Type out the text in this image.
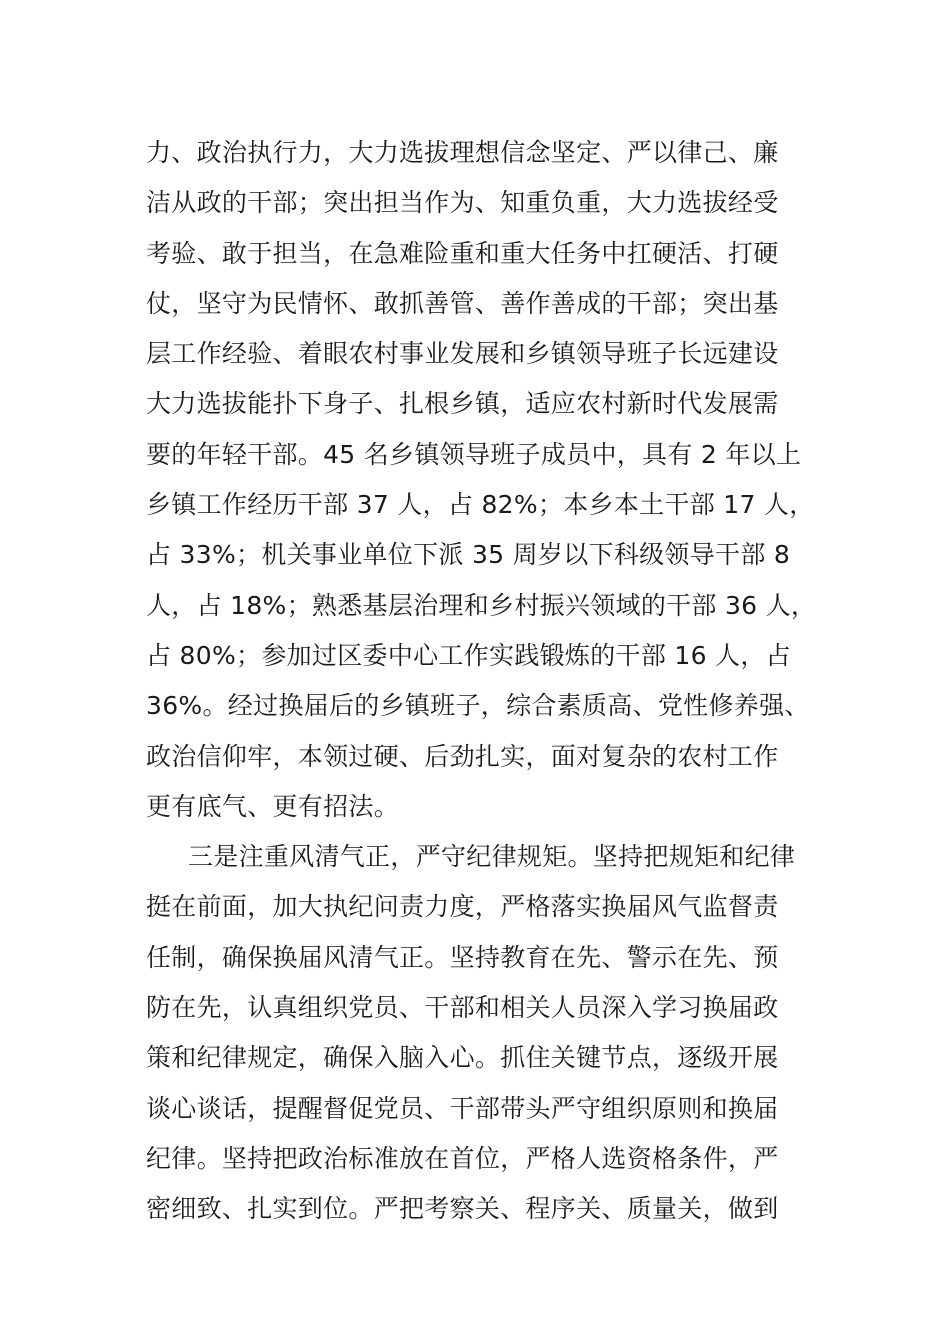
力、政治执行力，大力选拔理想信念坚定、严以律己、廉
洁从政的干部；突出担当作为、知重负重，大力选拔经受
考验、敢于担当，在急难险重和重大任务中扛硬活、打硬
仗，坚守为民情怀、敢抓善管、善作善成的干部；突出基
层工作经验、着眼农村事业发展和乡镇领导班子长远建设
大力选拔能扑下身子、扎根乡镇，适应农村新时代发展需
要的年轻干部。45 名乡镇领导班子成员中，具有 2 年以上
乡镇工作经历干部 37 人，占 82%；本乡本土干部 17 人，
占 33%；机关事业单位下派 35 周岁以下科级领导干部 8
人，占 18%；熟悉基层治理和乡村振兴领域的干部 36 人，
占 80%；参加过区委中心工作实践锻炼的干部 16 人，占
36%。经过换届后的乡镇班子，综合素质高、党性修养强、
政治信仰牢，本领过硬、后劲扎实，面对复杂的农村工作
更有底气、更有招法。
三是注重风清气正，严守纪律规矩。坚持把规矩和纪律
挺在前面，加大执纪问责力度，严格落实换届风气监督责
任制，确保换届风清气正。坚持教育在先、警示在先、预
防在先，认真组织党员、干部和相关人员深入学习换届政
策和纪律规定，确保入脑入心。抓住关键节点，逐级开展
谈心谈话，提醒督促党员、干部带头严守组织原则和换届
纪律。坚持把政治标准放在首位，严格人选资格条件，严
密细致、扎实到位。严把考察关、程序关、质量关，做到
